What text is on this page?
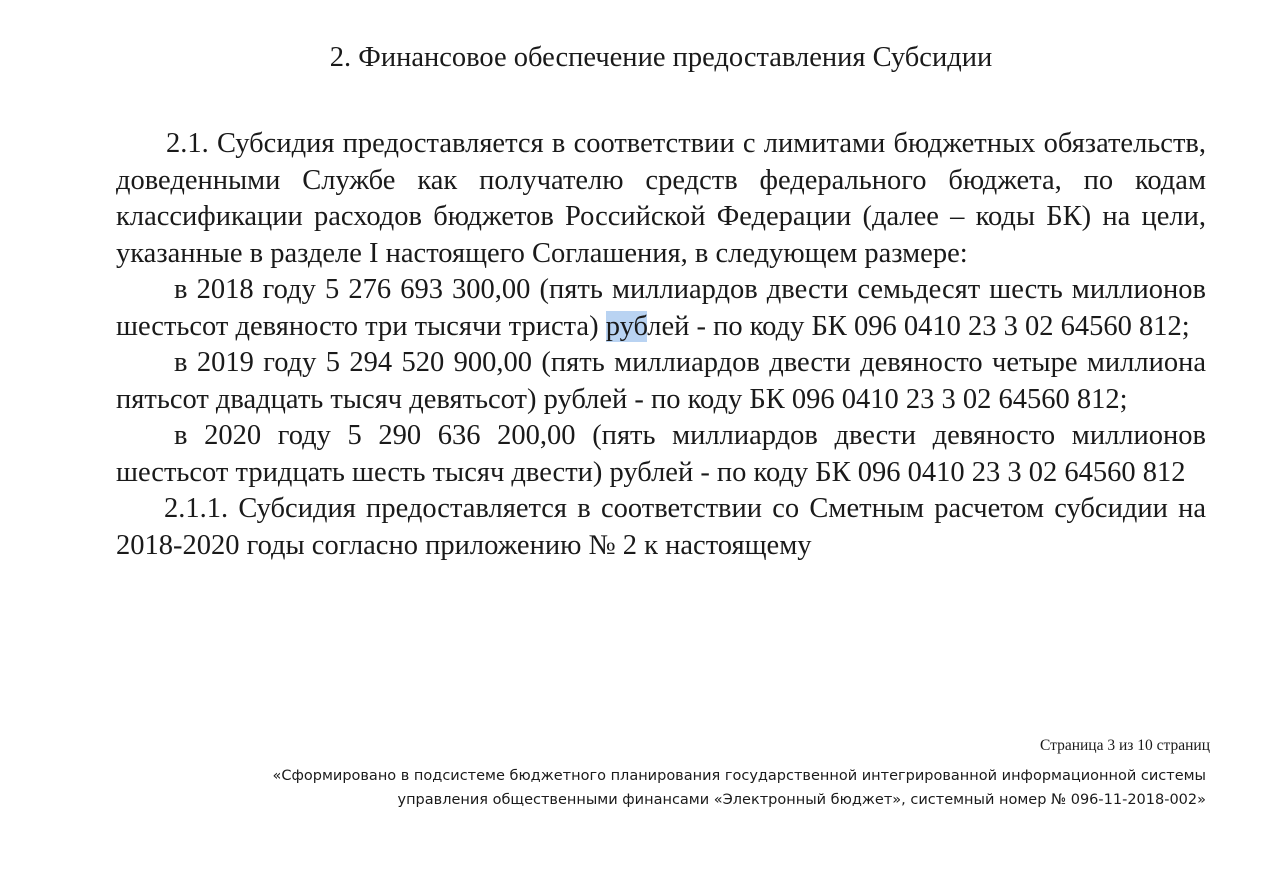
2. Финансовое обеспечение предоставления Субсидии

2.1. Субсидия предоставляется в соответствии с лимитами бюджетных обязательств, доведенными Службе как получателю средств федерального бюджета, по кодам классификации расходов бюджетов Российской Федерации (далее – коды БК) на цели, указанные в разделе I настоящего Соглашения, в следующем размере:

в 2018 году 5 276 693 300,00 (пять миллиардов двести семьдесят шесть миллионов шестьсот девяносто три тысячи триста) рублей - по коду БК 096 0410 23 3 02 64560 812;

в 2019 году 5 294 520 900,00 (пять миллиардов двести девяносто четыре миллиона пятьсот двадцать тысяч девятьсот) рублей - по коду БК 096 0410 23 3 02 64560 812;

в 2020 году 5 290 636 200,00 (пять миллиардов двести девяносто миллионов шестьсот тридцать шесть тысяч двести) рублей - по коду БК 096 0410 23 3 02 64560 812

2.1.1. Субсидия предоставляется в соответствии со Сметным расчетом субсидии на 2018-2020 годы согласно приложению № 2 к настоящему

Страница 3 из 10 страниц
«Сформировано в подсистеме бюджетного планирования государственной интегрированной информационной системы
управления общественными финансами «Электронный бюджет», системный номер № 096-11-2018-002»
